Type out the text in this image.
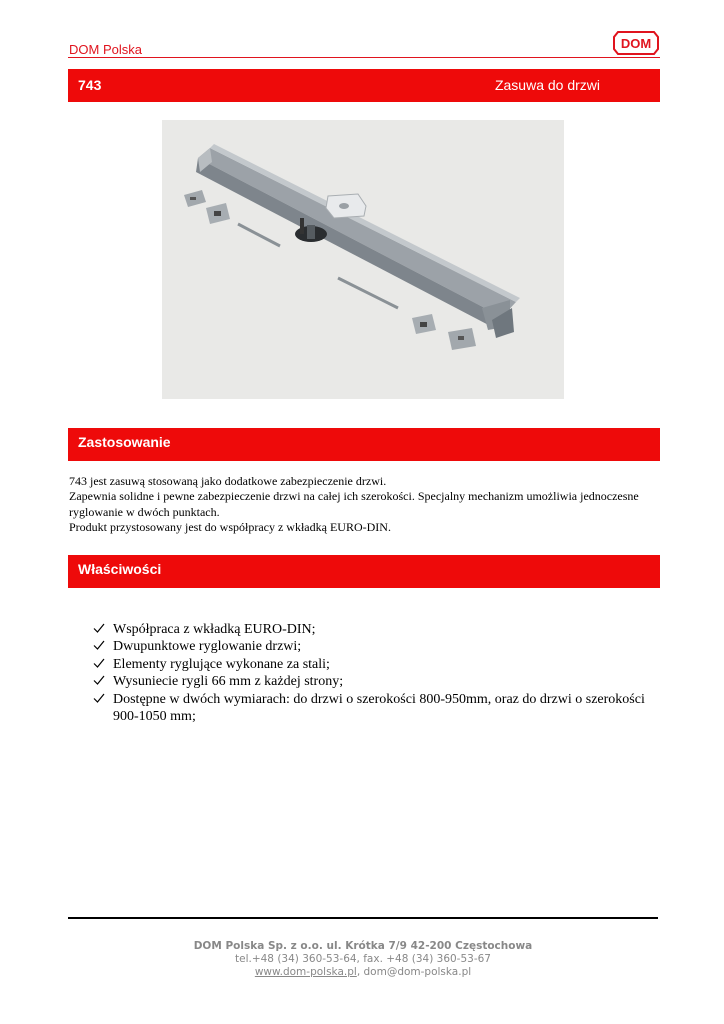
DOM Polska	DOM
743	Zasuwa do drzwi
Zastosowanie

743 jest zasuwą stosowaną jako dodatkowe zabezpieczenie drzwi.

Zapewnia solidne i pewne zabezpieczenie drzwi na całej ich szerokości. Specjalny mechanizm umożliwia jednoczesne ryglowanie w dwóch punktach.

Produkt przystosowany jest do współpracy z wkładką EURO-DIN.

Właściwości
Współpraca z wkładką EURO-DIN;
Dwupunktowe ryglowanie drzwi;
Elementy ryglujące wykonane za stali;
Wysuniecie rygli 66 mm z każdej strony;
Dostępne w dwóch wymiarach: do drzwi o szerokości 800-950mm, oraz do drzwi o szerokości 900-1050 mm;
DOM Polska Sp. z o.o. ul. Krótka 7/9 42-200 Częstochowa
tel.+48 (34) 360-53-64, fax. +48 (34) 360-53-67
www.dom-polska.pl, dom@dom-polska.pl
